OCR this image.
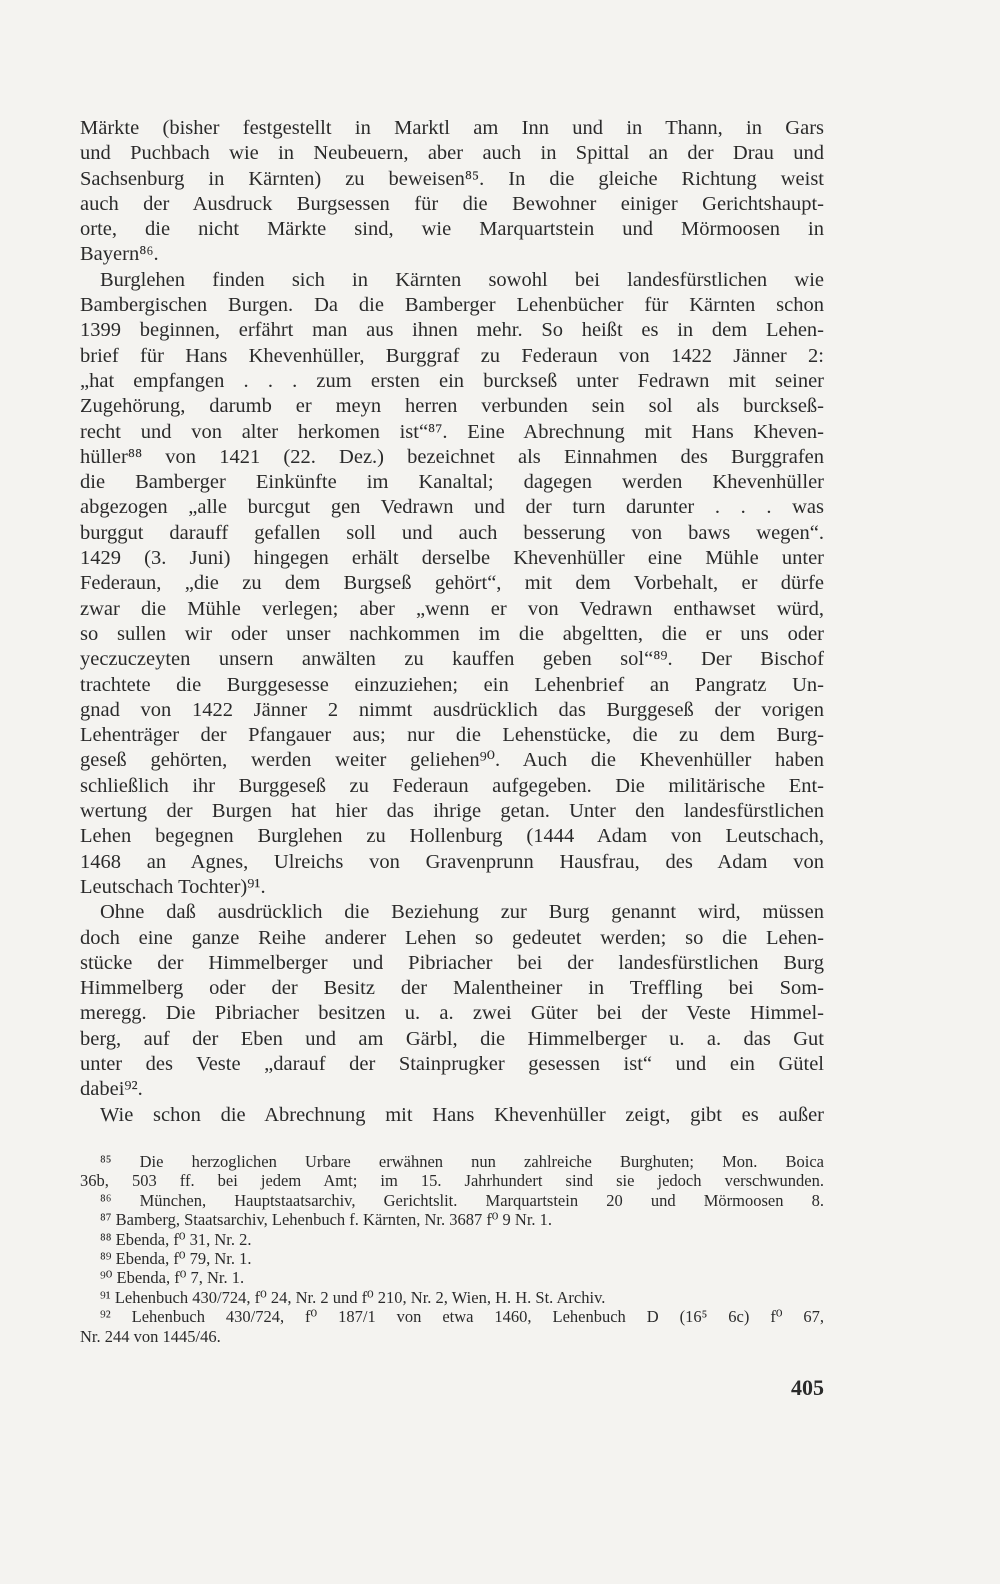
Märkte (bisher festgestellt in Marktl am Inn und in Thann, in Gars
und Puchbach wie in Neubeuern, aber auch in Spittal an der Drau und
Sachsenburg in Kärnten) zu beweisen⁸⁵. In die gleiche Richtung weist
auch der Ausdruck Burgsessen für die Bewohner einiger Gerichtshaupt-
orte, die nicht Märkte sind, wie Marquartstein und Mörmoosen in
Bayern⁸⁶.
Burglehen finden sich in Kärnten sowohl bei landesfürstlichen wie
Bambergischen Burgen. Da die Bamberger Lehenbücher für Kärnten schon
1399 beginnen, erfährt man aus ihnen mehr. So heißt es in dem Lehen-
brief für Hans Khevenhüller, Burggraf zu Federaun von 1422 Jänner 2:
„hat empfangen . . . zum ersten ein burckseß unter Fedrawn mit seiner
Zugehörung, darumb er meyn herren verbunden sein sol als burckseß-
recht und von alter herkomen ist“⁸⁷. Eine Abrechnung mit Hans Kheven-
hüller⁸⁸ von 1421 (22. Dez.) bezeichnet als Einnahmen des Burggrafen
die Bamberger Einkünfte im Kanaltal; dagegen werden Khevenhüller
abgezogen „alle burcgut gen Vedrawn und der turn darunter . . . was
burggut darauff gefallen soll und auch besserung von baws wegen“.
1429 (3. Juni) hingegen erhält derselbe Khevenhüller eine Mühle unter
Federaun, „die zu dem Burgseß gehört“, mit dem Vorbehalt, er dürfe
zwar die Mühle verlegen; aber „wenn er von Vedrawn enthawset würd,
so sullen wir oder unser nachkommen im die abgeltten, die er uns oder
yeczuczeyten unsern anwälten zu kauffen geben sol“⁸⁹. Der Bischof
trachtete die Burggesesse einzuziehen; ein Lehenbrief an Pangratz Un-
gnad von 1422 Jänner 2 nimmt ausdrücklich das Burggeseß der vorigen
Lehenträger der Pfangauer aus; nur die Lehenstücke, die zu dem Burg-
geseß gehörten, werden weiter geliehen⁹⁰. Auch die Khevenhüller haben
schließlich ihr Burggeseß zu Federaun aufgegeben. Die militärische Ent-
wertung der Burgen hat hier das ihrige getan. Unter den landesfürstlichen
Lehen begegnen Burglehen zu Hollenburg (1444 Adam von Leutschach,
1468 an Agnes, Ulreichs von Gravenprunn Hausfrau, des Adam von
Leutschach Tochter)⁹¹.
Ohne daß ausdrücklich die Beziehung zur Burg genannt wird, müssen
doch eine ganze Reihe anderer Lehen so gedeutet werden; so die Lehen-
stücke der Himmelberger und Pibriacher bei der landesfürstlichen Burg
Himmelberg oder der Besitz der Malentheiner in Treffling bei Som-
meregg. Die Pibriacher besitzen u. a. zwei Güter bei der Veste Himmel-
berg, auf der Eben und am Gärbl, die Himmelberger u. a. das Gut
unter des Veste „darauf der Stainprugker gesessen ist“ und ein Gütel
dabei⁹².
Wie schon die Abrechnung mit Hans Khevenhüller zeigt, gibt es außer
⁸⁵ Die herzoglichen Urbare erwähnen nun zahlreiche Burghuten; Mon. Boica
36b, 503 ff. bei jedem Amt; im 15. Jahrhundert sind sie jedoch verschwunden.
⁸⁶ München, Hauptstaatsarchiv, Gerichtslit. Marquartstein 20 und Mörmoosen 8.
⁸⁷ Bamberg, Staatsarchiv, Lehenbuch f. Kärnten, Nr. 3687 f⁰ 9 Nr. 1.
⁸⁸ Ebenda, f⁰ 31, Nr. 2.
⁸⁹ Ebenda, f⁰ 79, Nr. 1.
⁹⁰ Ebenda, f⁰ 7, Nr. 1.
⁹¹ Lehenbuch 430/724, f⁰ 24, Nr. 2 und f⁰ 210, Nr. 2, Wien, H. H. St. Archiv.
⁹² Lehenbuch 430/724, f⁰ 187/1 von etwa 1460, Lehenbuch D (16⁵ 6c) f⁰ 67,
Nr. 244 von 1445/46.
405
